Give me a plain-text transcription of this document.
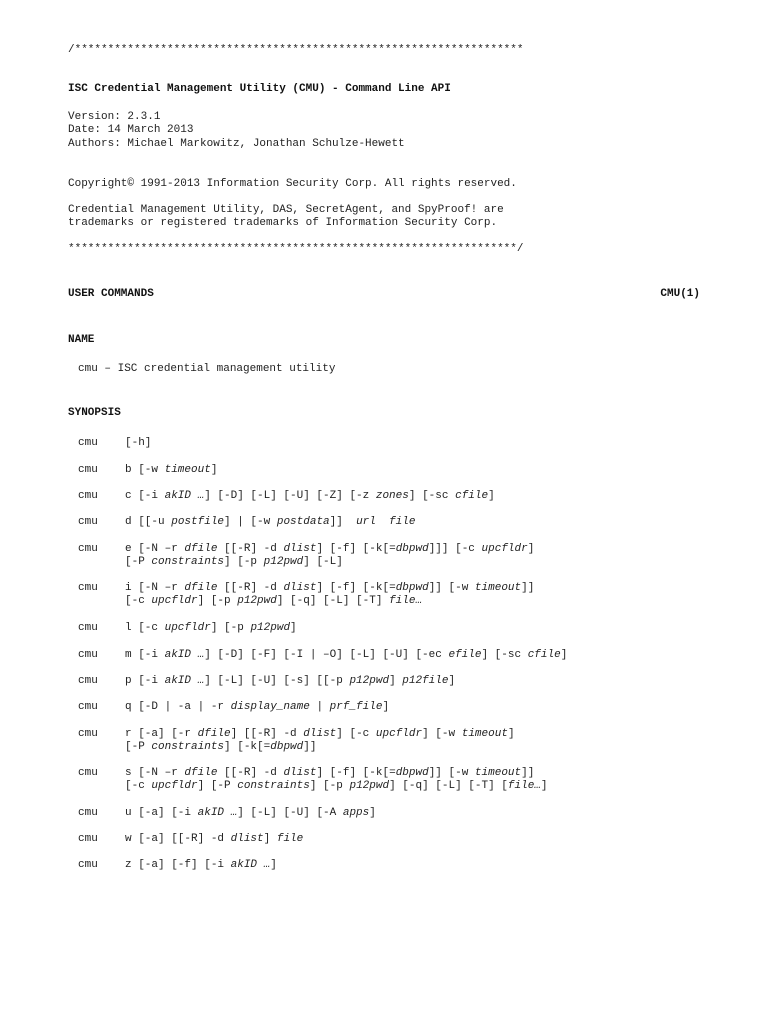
/********************************************************************
ISC Credential Management Utility (CMU) - Command Line API
Version: 2.3.1
Date: 14 March 2013
Authors: Michael Markowitz, Jonathan Schulze-Hewett
Copyright© 1991-2013 Information Security Corp. All rights reserved.
Credential Management Utility, DAS, SecretAgent, and SpyProof! are
trademarks or registered trademarks of Information Security Corp.
********************************************************************/
USER COMMANDS	CMU(1)
NAME
cmu – ISC credential management utility
SYNOPSIS
cmu [-h]
cmu b [-w timeout]
cmu c [-i akID …] [-D] [-L] [-U] [-Z] [-z zones] [-sc cfile]
cmu d [[-u postfile] | [-w postdata]]  url  file
cmu e [-N –r dfile [[-R] -d dlist] [-f] [-k[=dbpwd]]] [-c upcfldr]
[-P constraints] [-p p12pwd] [-L]
cmu i [-N –r dfile [[-R] -d dlist] [-f] [-k[=dbpwd]] [-w timeout]]
[-c upcfldr] [-p p12pwd] [-q] [-L] [-T] file…
cmu l [-c upcfldr] [-p p12pwd]
cmu m [-i akID …] [-D] [-F] [-I | –O] [-L] [-U] [-ec efile] [-sc cfile]
cmu p [-i akID …] [-L] [-U] [-s] [[-p p12pwd] p12file]
cmu q [-D | -a | -r display_name | prf_file]
cmu r [-a] [-r dfile] [[-R] -d dlist] [-c upcfldr] [-w timeout]
[-P constraints] [-k[=dbpwd]]
cmu s [-N –r dfile [[-R] -d dlist] [-f] [-k[=dbpwd]] [-w timeout]]
[-c upcfldr] [-P constraints] [-p p12pwd] [-q] [-L] [-T] [file…]
cmu u [-a] [-i akID …] [-L] [-U] [-A apps]
cmu w [-a] [[-R] -d dlist] file
cmu z [-a] [-f] [-i akID …]
